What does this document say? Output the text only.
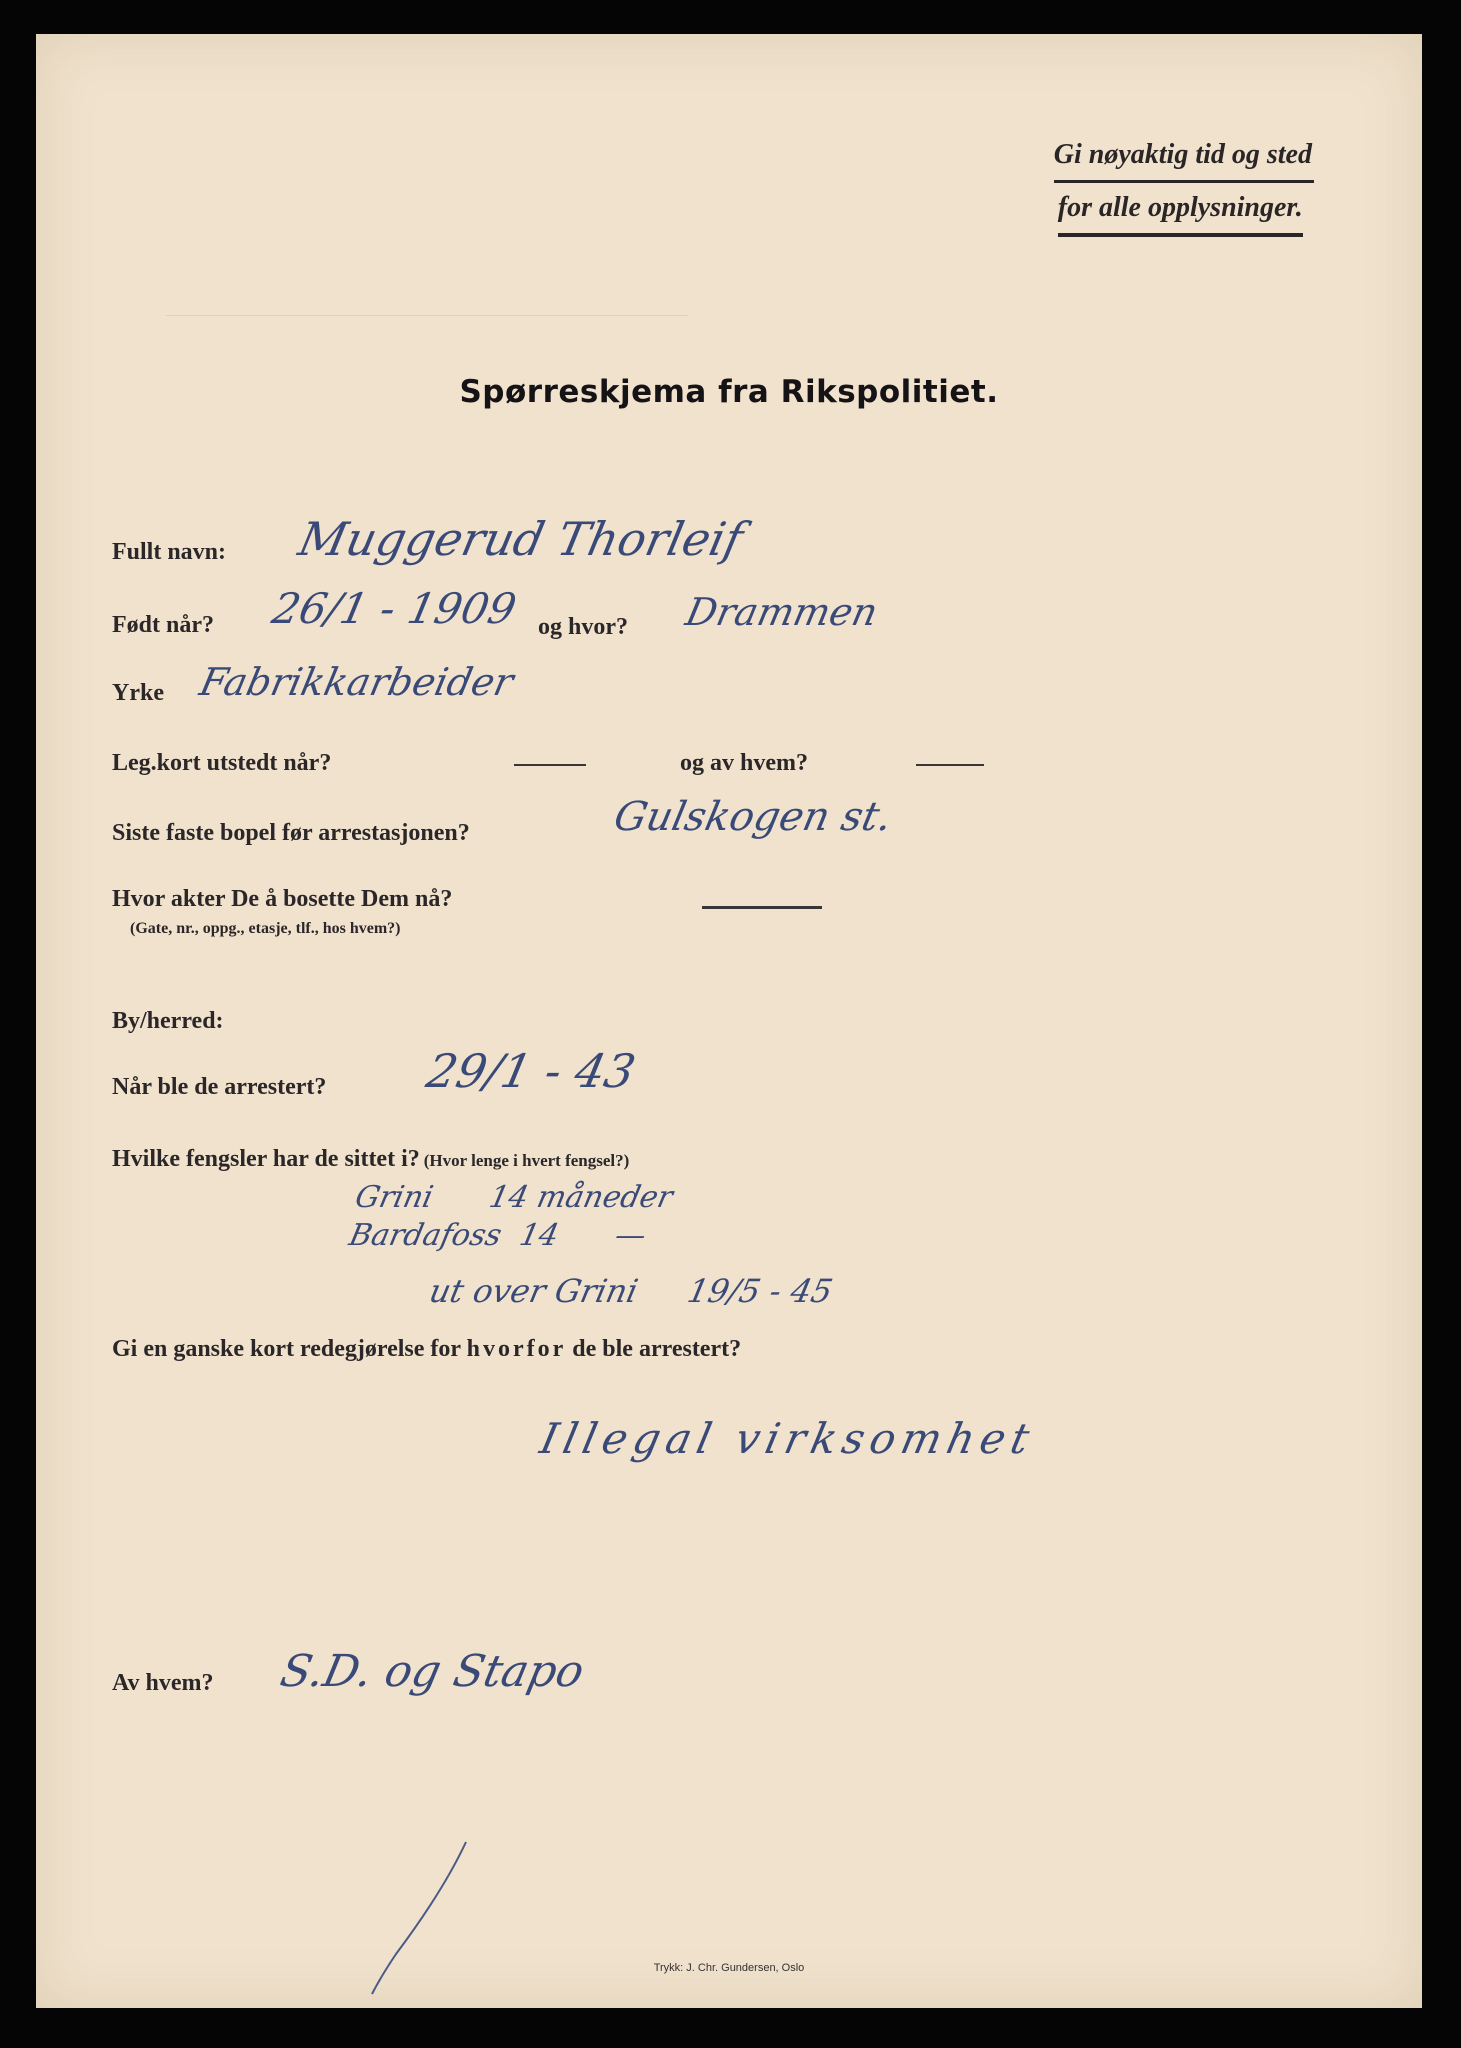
Gi nøyaktig tid og sted
for alle opplysninger.
—————————————————————————————
Spørreskjema fra Rikspolitiet.
Fullt navn: Muggerud Thorleif
Født når? 26/1 - 1909 og hvor? Drammen
Yrke Fabrikkarbeider
Leg.kort utstedt når?	og av hvem?
Siste faste bopel før arrestasjonen?	Gulskogen st.
Hvor akter De å bosette Dem nå?
(Gate, nr., oppg., etasje, tlf., hos hvem?)
By/herred:
Når ble de arrestert? 29/1 - 43
Hvilke fengsler har de sittet i? (Hvor lenge i hvert fengsel?)
Grini      14 måneder
Bardafoss  14      —
ut over Grini     19/5 - 45
Gi en ganske kort redegjørelse for hvorfor de ble arrestert?
Illegal virksomhet
Av hvem? S.D. og Stapo
Trykk: J. Chr. Gundersen, Oslo
